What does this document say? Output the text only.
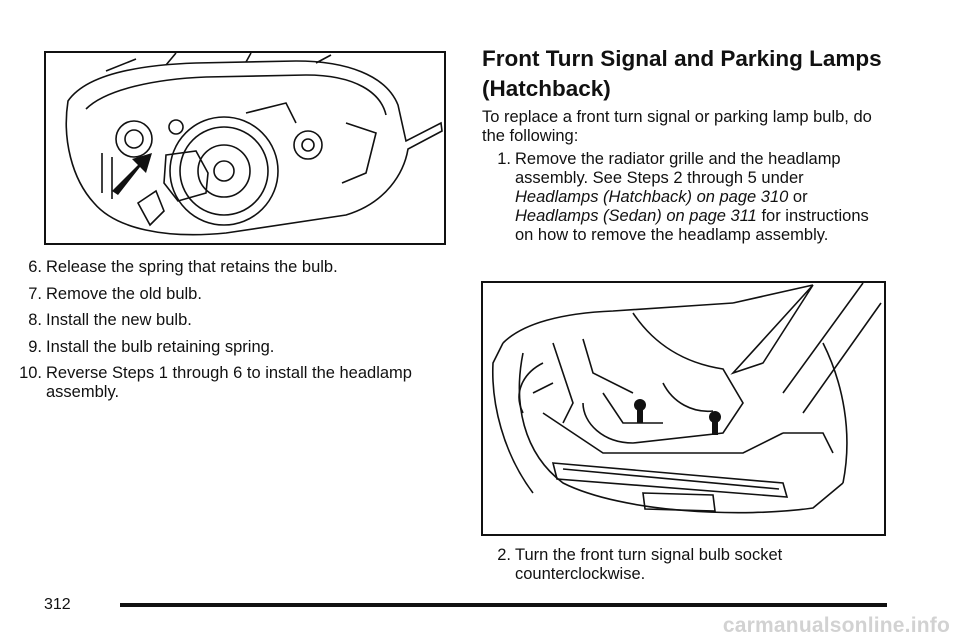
6. Release the spring that retains the bulb.
7. Remove the old bulb.
8. Install the new bulb.
9. Install the bulb retaining spring.
10. Reverse Steps 1 through 6 to install the headlamp assembly.
Front Turn Signal and Parking Lamps (Hatchback)

To replace a front turn signal or parking lamp bulb, do the following:

1. Remove the radiator grille and the headlamp assembly. See Steps 2 through 5 under Headlamps (Hatchback) on page 310 or Headlamps (Sedan) on page 311 for instructions on how to remove the headlamp assembly.
2. Turn the front turn signal bulb socket counterclockwise.
312
carmanualsonline.info
